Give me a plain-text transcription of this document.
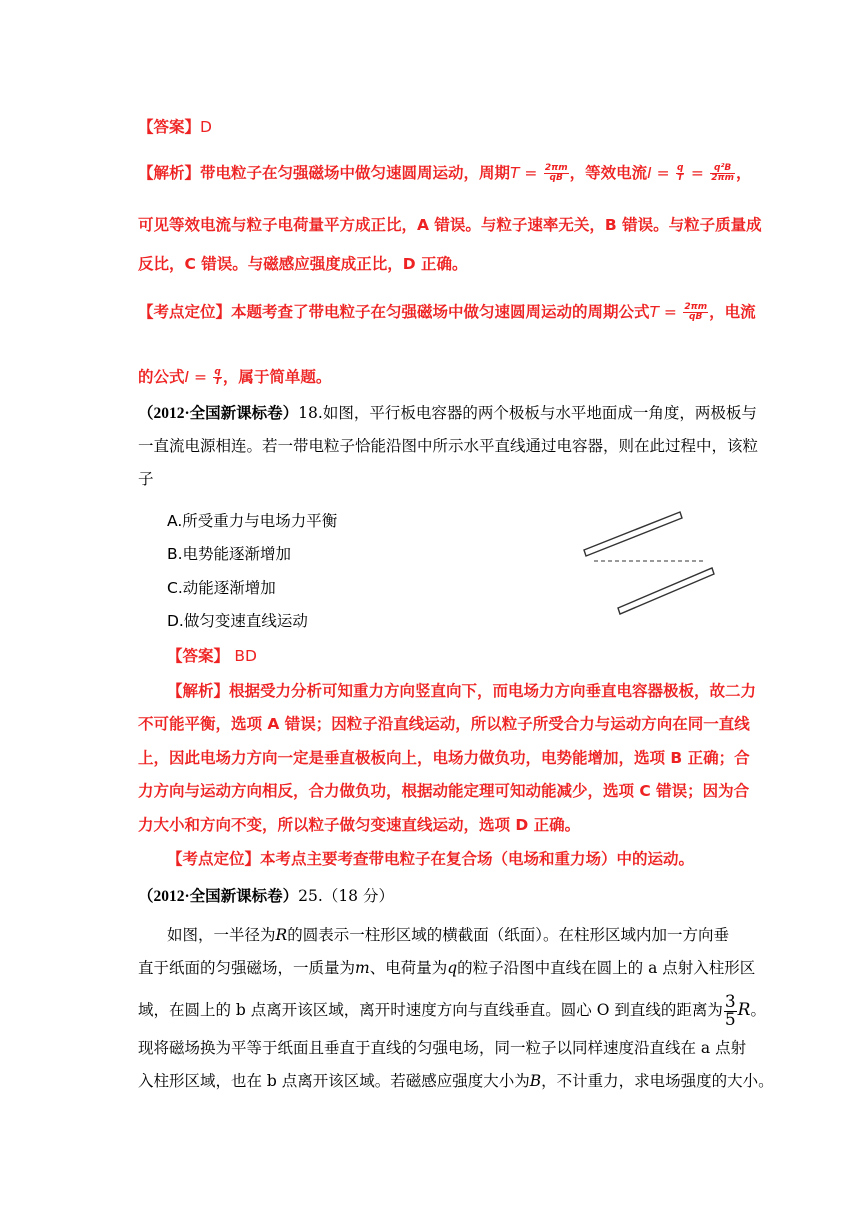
【答案】D
【解析】带电粒子在匀强磁场中做匀速圆周运动，周期$T = \frac{2\pi m}{qB}$ ，等效电流$I = \frac{q}{T} = \frac{\text{q²B}}{2\pi m}$ ，
可见等效电流与粒子电荷量平方成正比，A 错误。与粒子速率无关，B 错误。与粒子质量成
反比，C 错误。与磁感应强度成正比，D 正确。
【考点定位】本题考查了带电粒子在匀强磁场中做匀速圆周运动的周期公式$T = \frac{2\pi m}{qB}$ ，电流
的公式$I = \frac{q}{T}$ ，属于简单题。
（2012·全国新课标卷）18.如图，平行板电容器的两个极板与水平地面成一角度，两极板与
一直流电源相连。若一带电粒子恰能沿图中所示水平直线通过电容器，则在此过程中，该粒
子
A.所受重力与电场力平衡
B.电势能逐渐增加
C.动能逐渐增加
D.做匀变速直线运动
【答案】 BD
【解析】根据受力分析可知重力方向竖直向下，而电场力方向垂直电容器极板，故二力
不可能平衡，选项 A 错误；因粒子沿直线运动，所以粒子所受合力与运动方向在同一直线
上，因此电场力方向一定是垂直极板向上，电场力做负功，电势能增加，选项 B 正确；合
力方向与运动方向相反，合力做负功，根据动能定理可知动能减少，选项 C 错误；因为合
力大小和方向不变，所以粒子做匀变速直线运动，选项 D 正确。
【考点定位】本考点主要考查带电粒子在复合场（电场和重力场）中的运动。
（2012·全国新课标卷）25.（18 分）
如图，一半径为R的圆表示一柱形区域的横截面（纸面）。在柱形区域内加一方向垂
直于纸面的匀强磁场，一质量为m、电荷量为q的粒子沿图中直线在圆上的 a 点射入柱形区
域，在圆上的 b 点离开该区域，离开时速度方向与直线垂直。圆心 O 到直线的距离为 $\frac{3}{5}$ R。
现将磁场换为平等于纸面且垂直于直线的匀强电场，同一粒子以同样速度沿直线在 a 点射
入柱形区域，也在 b 点离开该区域。若磁感应强度大小为B，不计重力，求电场强度的大小。
